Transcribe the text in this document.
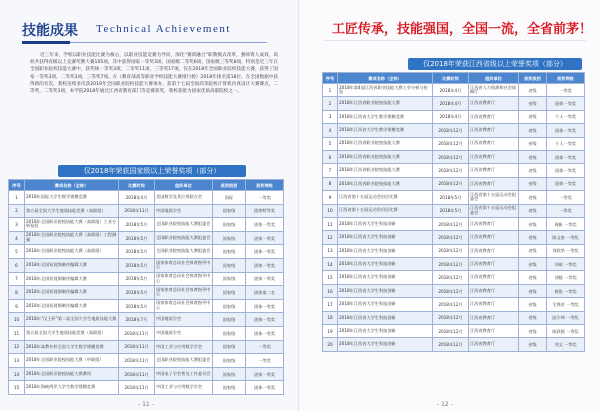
技能成果 Technical Achievement
近三年来，学校以职业技能比赛为核心，以职业技能竞赛为导向，深化“赛训融合”职教模式改革，强师资人成效，高校共获得省级以上竞赛奖牌大赛105项，其中获得国家一等奖3项，国家级二等奖6项，国家级三等奖8项，特别是近三年在全国职业院校技能大赛中，获奖统一等奖3项，二等奖11项，三等奖17项。仅在2018年全国职业院校技能大赛，获得了国家一等奖3项，二等奖3项，三等奖7项。在《教育部高等职业学校技能大赛排行榜》2018年排名第18位，在全国数据中获得新的名次，我校连续多次获2019年全国职业院校技能大赛承办，获第十七届全国高等院校计算机仿真设计大赛赛点，二等奖，二等奖1项，本学院2018年通过江西省教育部门等竞赛获奖，我校获批为国家优质高职院校之一。
仅2018年荣获国家级以上荣誉奖项（部分）
序号	赛项名称（全称）	比赛时间	组织单位	获奖级别	获奖等级
1	2018年国际大学生数学建模竞赛	2018年4月	美国数学及其应用联合会	国际	一等奖
2	第五届全国大学生地质技能竞赛（高职组）	2018年11月	中国地质学会	国家级	团体特等奖
3	2018年全国职业院校技能大赛（高职组）工业分析检验	2018年5月	全国职业院校技能大赛组委会	国家级	团体一等奖
4	2018年全国职业院校技能大赛（高职组）工程测量	2018年5月	全国职业院校技能大赛组委会	国家级	团体一等奖
5	2018年全国职业院校技能大赛（高职组）	2018年5月	全国职业院校技能大赛组委会	国家级	团体一等奖
6	2018年全国短视频制作编辑大赛	2018年5月	国家体育总局社会体育指导中心	国家级	团体一等奖
7	2018年全国短视频制作编辑大赛	2018年5月	国家体育总局社会体育指导中心	国家级	团体一等奖
8	2018年全国短视频制作编辑大赛	2018年5月	国家体育总局社会体育指导中心	国家级	团体第二名
9	2018年全国短视频制作编辑大赛	2018年5月	国家体育总局社会体育指导中心	国家级	团体一等奖
10	2018年“汉王杯”第二届全国大学生地质技能大赛	2018年7月	中国地质学会	国家级	团体一等奖
11	第五届全国大学生地质技能竞赛（高职组）	2018年11月	中国地质学会	国家级	团体一等奖
12	2018年高教社杯全国大学生数学建模竞赛	2018年11月	中国工业与应用数学学会	国家级	一等奖
13	2018年全国职业院校技能大赛（中职组）	2018年11月	全国职业院校技能大赛组委会	国家级	一等奖
14	2018年全国职业院校技能大赛赛项	2018年11月	中国电子学会普及工作委员会	国家级	团体一等奖
15	2018年海峡两岸大学生数学建模竞赛	2018年11月	中国工业与应用数学学会	国家级	团体一等奖
- 11 -
工匠传承，技能强国，全国一流，全省前茅！
仅2018年荣获江西省级以上荣誉奖项（部分）
序号	赛项名称（全称）	比赛时间	组织单位	获奖级别	获奖等级
1	2018年第4届江西省职业技能大赛工业分析与检验	2018年4月	江西省人力资源和社会保障厅	省级	一等奖
2	2018年江西省职业院校技能大赛	2018年4月	江西省教育厅	省级	团体一等奖
3	2018年江西省大学生数学建模竞赛	2018年4月	江西省教育厅	省级	个人一等奖
4	2018年江西省大学生数学建模竞赛	2018年12月	江西省教育厅	省级	团体一等奖
5	2018年江西省职业院校技能大赛	2018年12月	江西省教育厅	省级	个人一等奖
6	2018年江西省职业院校技能大赛	2018年12月	江西省教育厅	省级	团体一等奖
7	2018年江西省职业院校技能大赛	2018年12月	江西省教育厅	省级	团体一等奖
8	2018年江西省职业院校技能大赛	2018年12月	江西省教育厅	省级	团体一等奖
9	江西省第十五届运动会田径比赛	2018年5月	江西省第十五届运动会组委会	省级	一等奖
10	江西省第十五届运动会田径比赛	2018年5月	江西省第十五届运动会组委会	省级	一等奖
11	2018年江西省大学生科技创新	2018年12月	江西省教育厅	省级	周帆 一等奖
12	2018年江西省大学生科技创新	2018年12月	江西省教育厅	省级	陈文豪 一等奖
13	2018年江西省大学生科技创新	2018年12月	江西省教育厅	省级	刘欣华 一等奖
14	2018年江西省大学生科技创新	2018年12月	江西省教育厅	省级	刘萌 一等奖
15	2018年江西省大学生科技创新	2018年12月	江西省教育厅	省级	刘媛 一等奖
16	2018年江西省大学生科技创新	2018年12月	江西省教育厅	省级	黄锐 一等奖
17	2018年江西省大学生科技创新	2018年12月	江西省教育厅	省级	艾铧淳 一等奖
18	2018年江西省大学生科技创新	2018年12月	江西省教育厅	省级	邱少坤 一等奖
19	2018年江西省大学生科技创新	2018年12月	江西省教育厅	省级	陈跃熙 一等奖
20	2018年江西省大学生科技创新	2018年12月	江西省教育厅	省级	刘文 一等奖
- 12 -
